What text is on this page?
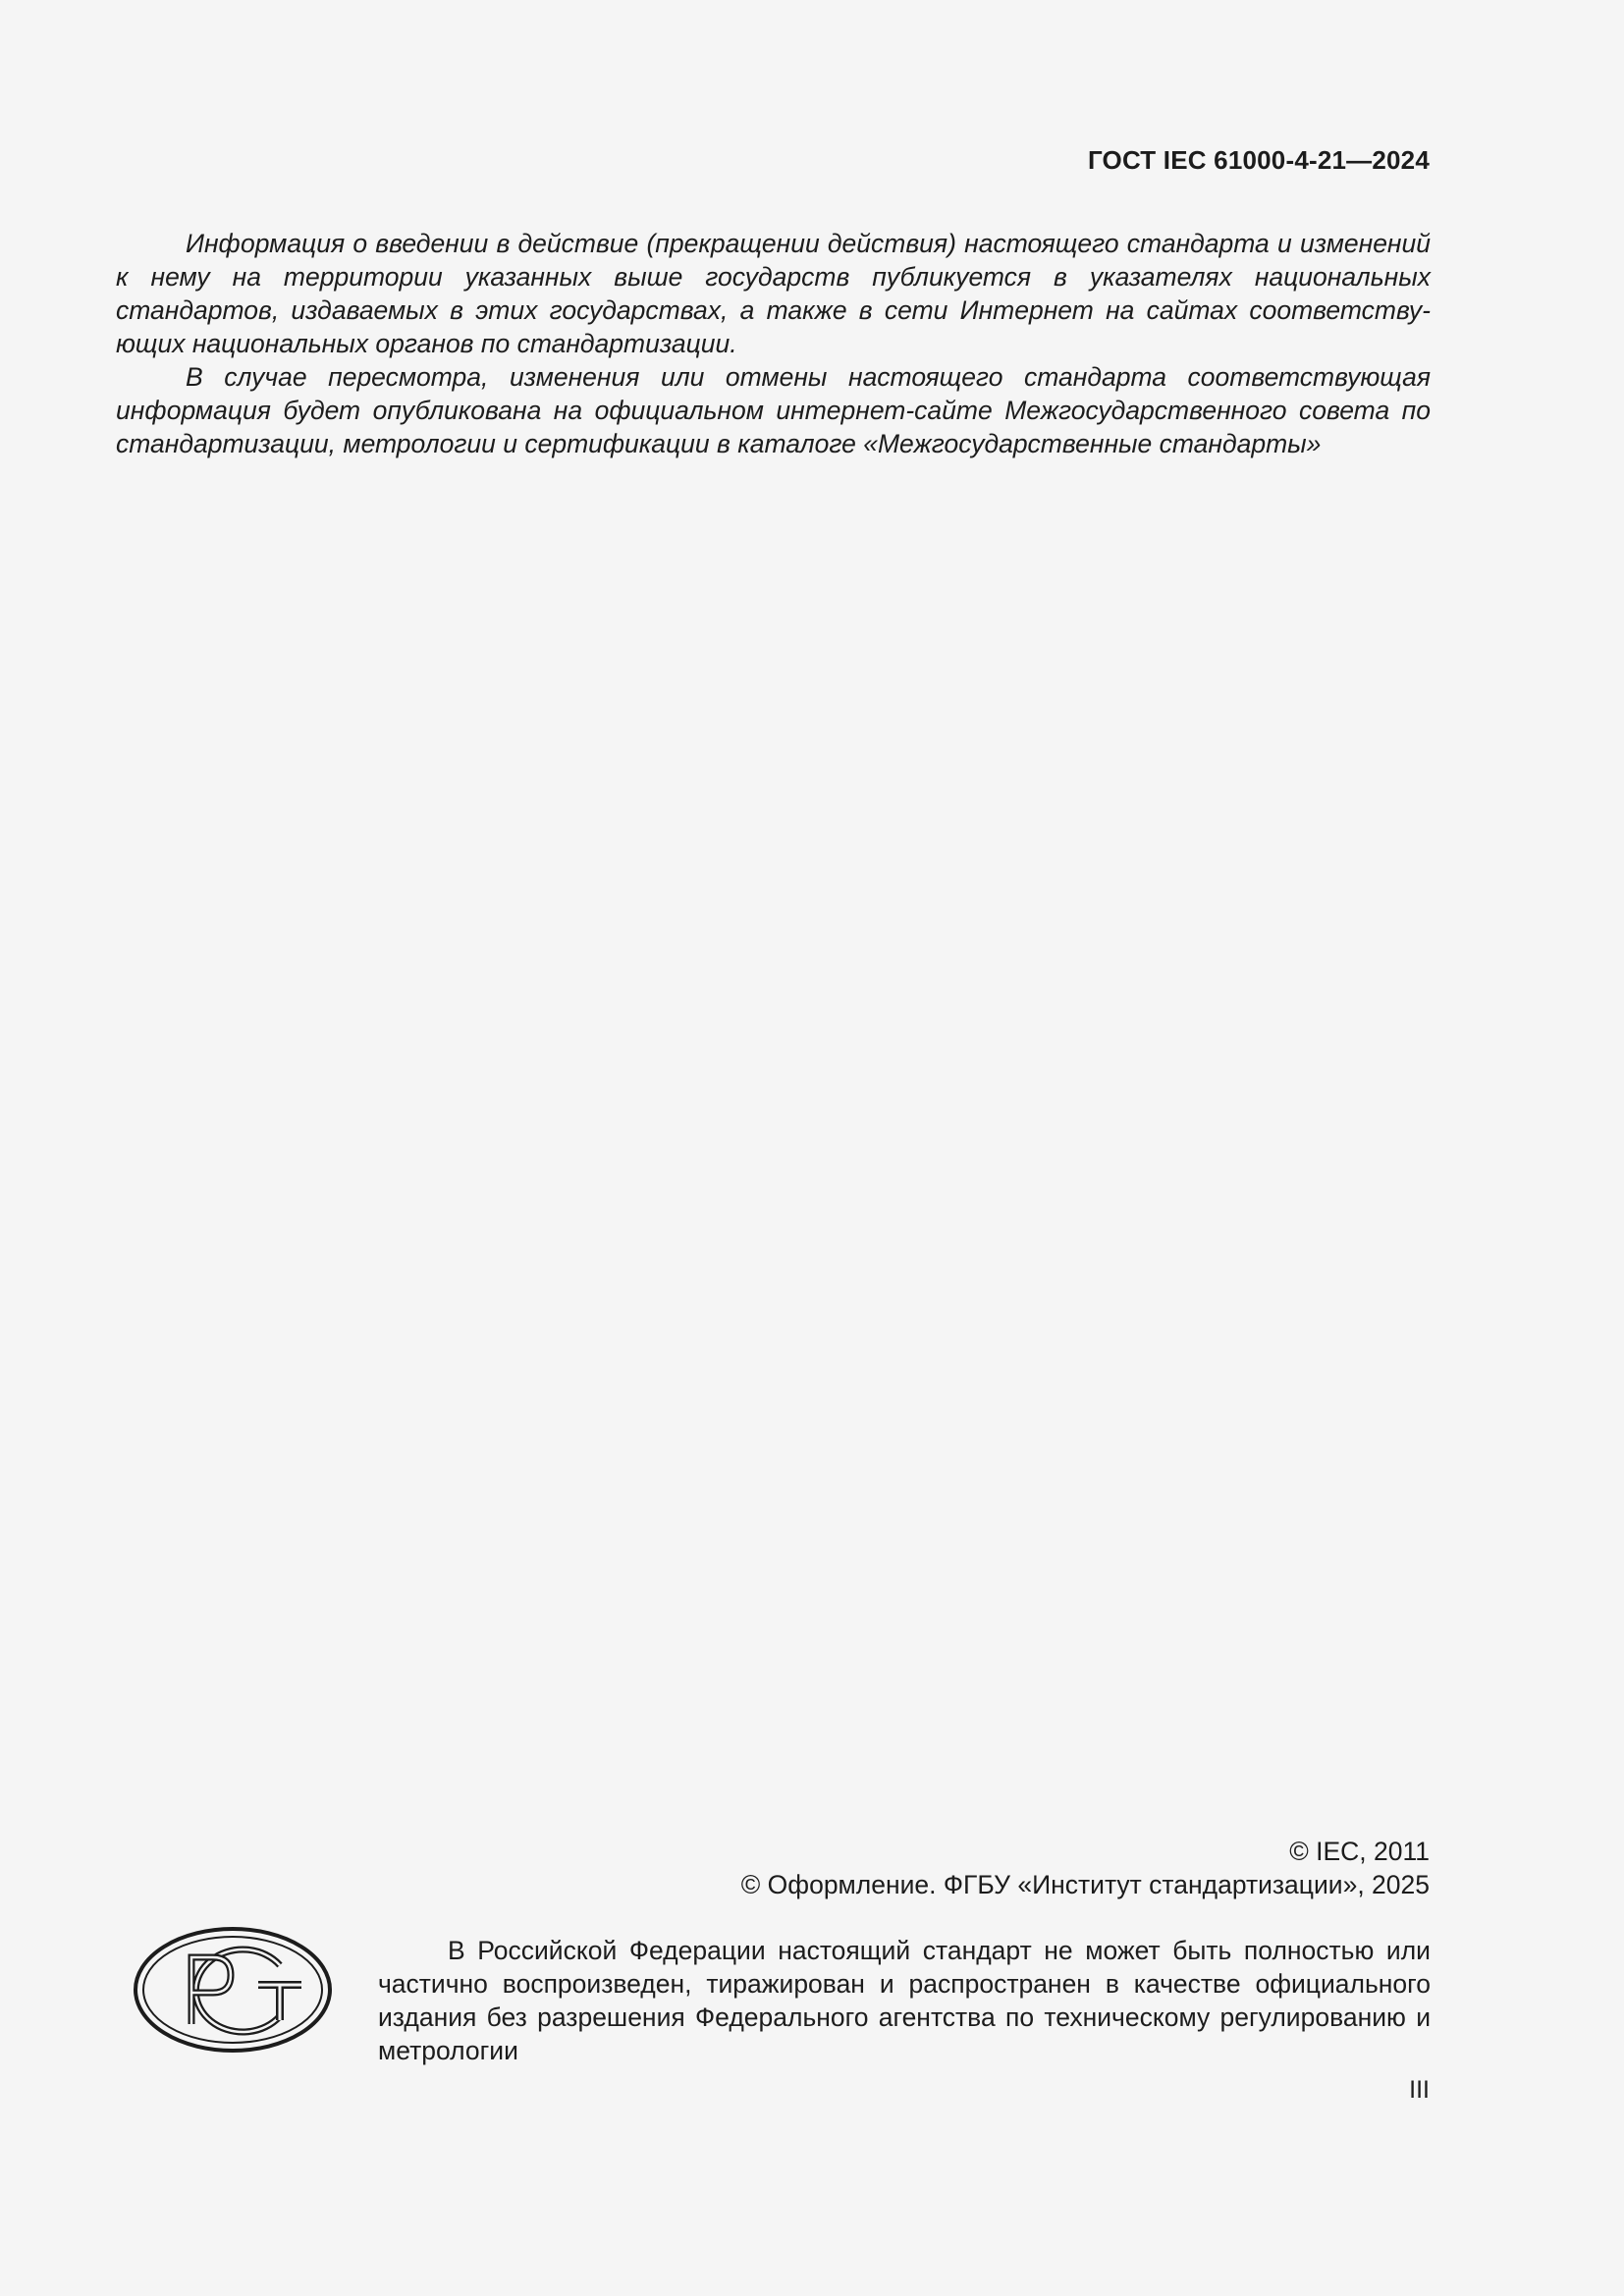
ГОСТ IEC 61000-4-21—2024

Информация о введении в действие (прекращении действия) настоящего стандарта и изменений к нему на территории указанных выше государств публикуется в указателях национальных стандартов, издаваемых в этих государствах, а также в сети Интернет на сайтах соответствующих национальных органов по стандартизации.

В случае пересмотра, изменения или отмены настоящего стандарта соответствующая информация будет опубликована на официальном интернет-сайте Межгосударственного совета по стандартизации, метрологии и сертификации в каталоге «Межгосударственные стандарты»

© IEC, 2011
© Оформление. ФГБУ «Институт стандартизации», 2025
В Российской Федерации настоящий стандарт не может быть полностью или частично воспроизведен, тиражирован и распространен в качестве официального издания без разрешения Федерального агентства по техническому регулированию и метрологии
III
